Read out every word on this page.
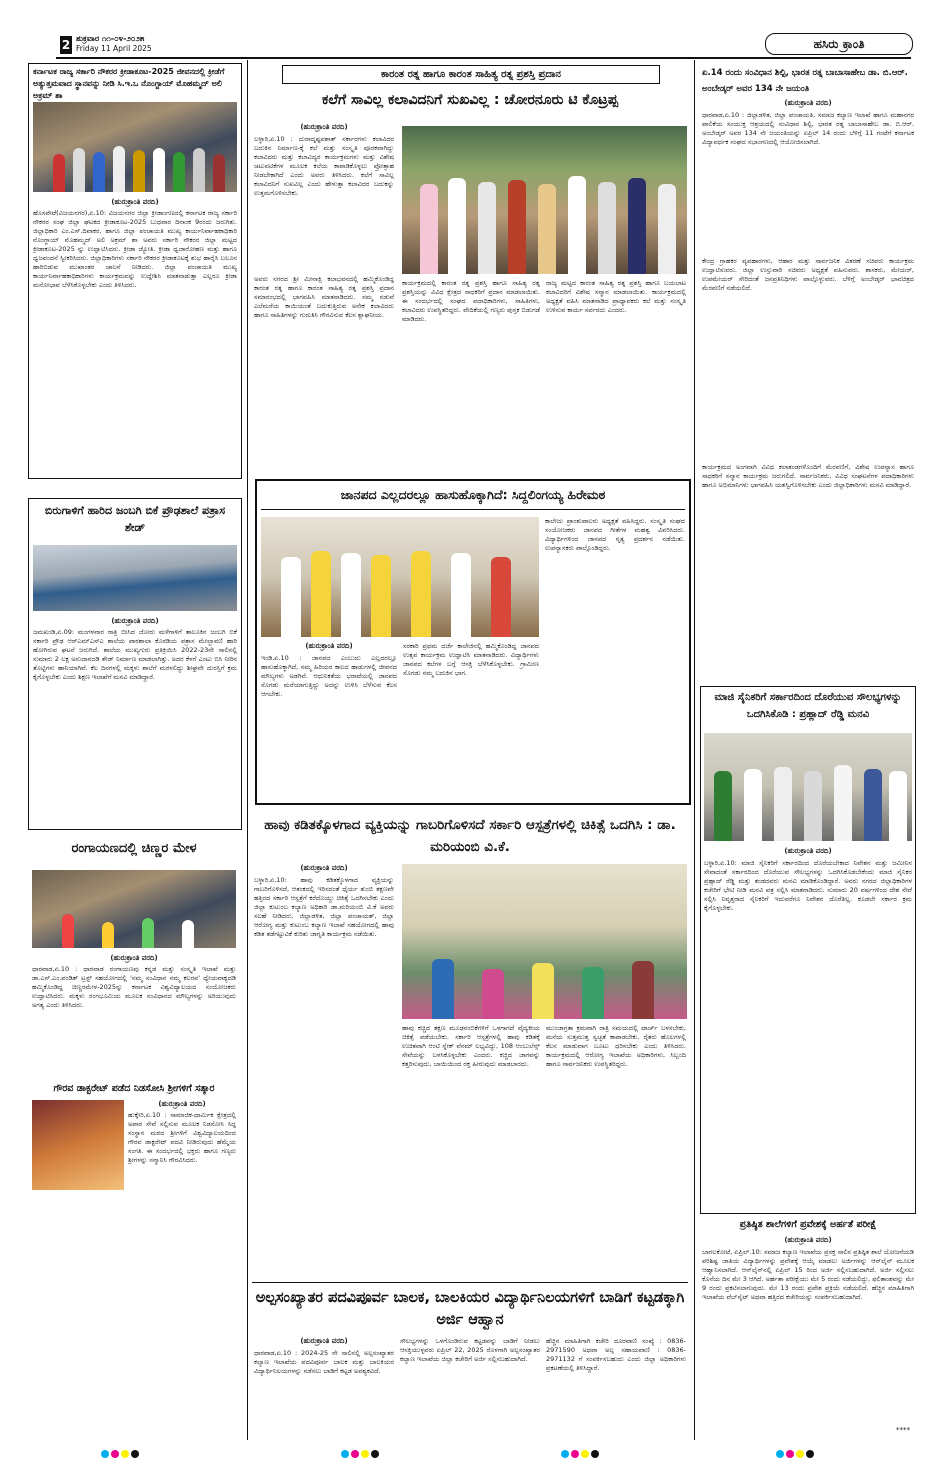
2 ಶುಕ್ರವಾರ ೧೧-೦೪-೨೦೨೫
Friday 11 April 2025	ಹಸಿರು ಕ್ರಾಂತಿ
ಕರ್ನಾಟಕ ರಾಜ್ಯ ಸರ್ಕಾರಿ ನೌಕರರ ಕ್ರೀಡಾಕೂಟ-2025 ಜೀವನದಲ್ಲಿ ಕ್ರೀಡೆಗೆ ಅತ್ಯುತ್ತಮವಾದ ಸ್ಥಾನವನ್ನು ನೀಡಿ ಸಿ.ಇ.ಒ ನೊಂಗ್ಜಾಯ್ ಮೊಹಮ್ಮದ್ ಅಲಿ ಅಕ್ರಮ್ ಶಾ
(ಹುರುಕ್ರಾಂತಿ ವರದಿ)
ಹೊಸಪೇಟೆ(ವಿಜಯನಗರ),ಏ.10: ವಿಜಯನಗರ ಜಿಲ್ಲಾ ಕ್ರೀಡಾಂಗಣದಲ್ಲಿ ಕರ್ನಾಟಕ ರಾಜ್ಯ ಸರ್ಕಾರಿ ನೌಕರರ ಸಂಘ ಜಿಲ್ಲಾ ಘಟಕದ ಕ್ರೀಡಾಕೂಟ-2025 ಬುಧವಾರ ದಿನಾಂಕ 9ರಂದು ಜರುಗಿತು. ಜಿಲ್ಲಾಧಿಕಾರಿ ಎಂ.ಎಸ್.ದಿವಾಕರ, ಹಾಗೂ ಜಿಲ್ಲಾ ಪಂಚಾಯತಿ ಮುಖ್ಯ ಕಾರ್ಯನಿರ್ವಾಹಕಾಧಿಕಾರಿ ನೊಂಗ್ಜಾಯ್ ಮೊಹಮ್ಮದ್ ಅಲಿ ಅಕ್ರಮ್ ಶಾ ಅವರು ಸರ್ಕಾರಿ ನೌಕರರ ಜಿಲ್ಲಾ ಮಟ್ಟದ ಕ್ರೀಡಾಕೂಟ-2025 ನ್ನು ಉದ್ಘಾಟಿಸಿದರು. ಕ್ರೀಡಾ ಜ್ಯೋತಿ. ಕ್ರೀಡಾ ಧ್ವಜಾರೋಹಣ ಮತ್ತು ಹಾಗೂ ಧ್ವಜವಂದನೆ ಸ್ವೀಕರಿಸಿದರು. ಜಿಲ್ಲಾಧಿಕಾರಿಗಳು ಸರ್ಕಾರಿ ನೌಕರರ ಕ್ರೀಡಾಕೂಟಕ್ಕೆ ಶುಭ ಹಾರೈಸಿ ಬಲೂನ ಹಾರಿಬಿಡುವ ಮುಖಾಂತರ ಚಾಲನೆ ನೀಡಿದರು. ಜಿಲ್ಲಾ ಪಂಚಾಯತಿ ಮುಖ್ಯ ಕಾರ್ಯನಿರ್ವಾಹಕಾಧಿಕಾರಿಗಳು ಕಾರ್ಯಕ್ರಮವನ್ನು ಉದ್ದೇಶಿಸಿ ಮಾತನಾಡುತ್ತಾ ಎಲ್ಲರೂ ಕ್ರೀಡಾ ಮನೋಭಾವ ಬೆಳೆಸಿಕೊಳ್ಳಬೇಕು ಎಂದು ತಿಳಿಸಿದರು.
ಬಿರುಗಾಳಿಗೆ ಹಾರಿದ ಜಂಬಗಿ ಬಿಕೆ ಪ್ರೌಢಶಾಲೆ ಪತ್ರಾಸ ಶೇಡ್
(ಹುರುಕ್ರಾಂತಿ ವರದಿ)
ಜಮಖಂಡಿ,ಏ.09: ಮಂಗಳವಾರ ರಾತ್ರಿ ಬೀಸಿದ ಜೋರು ಮಳೆಗಾಳಿಗೆ ತಾಲೂಕಿನ ಜಂಬಗಿ ಬಿಕೆ ಸರ್ಕಾರಿ ಪ್ರೌಢ ಆರ್‌ಎಮ್‌ಎಸ್‌ಎ ಶಾಲೆಯ ಪಾಠಶಾಲಾ ಕೊಠಡಿಯ ಪತ್ರಾಸ ಮೇಲ್ಛಾವಣಿ ಹಾರಿ ಹೋಗಿರುವ ಘಟನೆ ಜರುಗಿದೆ. ಶಾಲೆಯ ಮುಖ್ಯಗುರು ಪ್ರತಿಕ್ರಿಯಿಸಿ 2022-23ನೇ ಸಾಲಿನಲ್ಲಿ ಸುಮಾರು 2 ಲಕ್ಷ ಅನುದಾನದಡಿ ಶೇಡ್ ನಿರ್ಮಾಣ ಮಾಡಲಾಗಿತ್ತು. ಅದರ ಕೆಳಗೆ ಎಂಟು ಬಿಸಿ ನೀರಿನ ತೊಟ್ಟಿಗಳು ಹಾನಿಯಾಗಿವೆ. ಕೆಲ ದಿನಗಳಲ್ಲಿ ಮಕ್ಕಳು ಶಾಲೆಗೆ ಮರಳಲಿದ್ದು ಶೀಘ್ರವೇ ದುರಸ್ತಿಗೆ ಕ್ರಮ ಕೈಗೊಳ್ಳಬೇಕು ಎಂದು ಶಿಕ್ಷಣ ಇಲಾಖೆಗೆ ಮನವಿ ಮಾಡಿದ್ದಾರೆ.
ರಂಗಾಯಣದಲ್ಲಿ ಚಿಣ್ಣರ ಮೇಳ
(ಹುರುಕ್ರಾಂತಿ ವರದಿ)
ಧಾರವಾಡ,ಏ.10 : ಧಾರವಾಡ ರಂಗಾಯಣವು ಕನ್ನಡ ಮತ್ತು ಸಂಸ್ಕೃತಿ ಇಲಾಖೆ ಮತ್ತು ಡಾ.ಎಸ್.ಎಂ.ಪಂಡಿತ್ ಟ್ರಸ್ಟ್ ಸಹಯೋಗದಲ್ಲಿ 'ನಮ್ಮ ಸಂವಿಧಾನ ನಮ್ಮ ಕಲರವ' ಧ್ಯೇಯವಾಕ್ಯದಡಿ ಹಮ್ಮಿಕೊಂಡಿದ್ದ ಚಿಣ್ಣರಮೇಳ-2025ನ್ನು ಕರ್ನಾಟಕ ವಿಶ್ವವಿದ್ಯಾಲಯದ ಸಂಯೋಜಕರು ಉದ್ಘಾಟಿಸಿದರು. ಮಕ್ಕಳು ರಂಗಭೂಮಿಯ ಮೂಲಕ ಸಂವಿಧಾನದ ಮೌಲ್ಯಗಳನ್ನು ಅರಿಯುವುದು ಅಗತ್ಯ ಎಂದು ತಿಳಿಸಿದರು.
ಗೌರವ ಡಾಕ್ಟರೇಟ್ ಪಡೆದ ನಿಡಸೋಸಿ ಶ್ರೀಗಳಿಗೆ ಸತ್ಕಾರ
(ಹುರುಕ್ರಾಂತಿ ವರದಿ)
ಹುಕ್ಕೇರಿ,ಏ.10 : ಸಾಮಾಜಿಕ-ಧಾರ್ಮಿಕ ಕ್ಷೇತ್ರದಲ್ಲಿ ಅಪಾರ ಸೇವೆ ಸಲ್ಲಿಸುವ ಮೂಲಕ ನಿಡಸೋಸಿ ಸಿದ್ಧ ಸಂಸ್ಥಾನ ಮಠದ ಶ್ರೀಗಳಿಗೆ ವಿಶ್ವವಿದ್ಯಾಲಯದಿಂದ ಗೌರವ ಡಾಕ್ಟರೇಟ್ ಪದವಿ ನೀಡಿರುವುದು ಹೆಮ್ಮೆಯ ಸಂಗತಿ. ಈ ಸಂದರ್ಭದಲ್ಲಿ ಭಕ್ತರು ಹಾಗೂ ಗಣ್ಯರು ಶ್ರೀಗಳನ್ನು ಸನ್ಮಾನಿಸಿ ಗೌರವಿಸಿದರು.
ಕಾರಂತ ರತ್ನ ಹಾಗೂ ಕಾರಂತ ಸಾಹಿತ್ಯ ರತ್ನ ಪ್ರಶಸ್ತಿ ಪ್ರದಾನ
ಕಲೆಗೆ ಸಾವಿಲ್ಲ ಕಲಾವಿದನಿಗೆ ಸುಖವಿಲ್ಲ : ಚೋರನೂರು ಟಿ ಕೊಟ್ರಪ್ಪ
(ಹುರುಕ್ರಾಂತಿ ವರದಿ)
ಬಳ್ಳಾರಿ,ಏ.10 : ದುರಾದೃಷ್ಟವಶಾತ್ ಸರ್ಕಾರಗಳು ಕಲಾವಿದರ ಬದುಕಿನ ನಿರ್ಮಾಣ-ಕ್ಕೆ ಕಲೆ ಮತ್ತು ಸಂಸ್ಕೃತಿ ಪೂರಕವಾಗಿದ್ದು ಕಲಾವಿದರು ಮತ್ತು ಕಲಾವಿದ್ಯರ ಕಾರ್ಯಕ್ರಮಗಳು ಮತ್ತು ವಿಶೇಷ ಚಟುವಟಿಕೆಗಳ ಮೂಲಕ ಕಲೆಯ ಕಾಪಾಡಿಕೊಳ್ಳಲು ಪ್ರೋತ್ಸಾಹ ನೀಡಬೇಕಾಗಿದೆ ಎಂದು ಅವರು ತಿಳಿಸಿದರು. ಕಲೆಗೆ ಸಾವಿಲ್ಲ ಕಲಾವಿದನಿಗೆ ಸುಖವಿಲ್ಲ ಎಂದು ಹೇಳುತ್ತಾ ಕಲಾವಿದರ ಬದುಕನ್ನು ಉತ್ತಮಗೊಳಿಸಬೇಕು.
ಅವರು ನಗರದ ಶ್ರೀ ಮೀನಾಕ್ಷಿ ಕಲಾಭವನದಲ್ಲಿ ಹಮ್ಮಿಕೊಂಡಿದ್ದ ಕಾರಂತ ರತ್ನ ಹಾಗೂ ಕಾರಂತ ಸಾಹಿತ್ಯ ರತ್ನ ಪ್ರಶಸ್ತಿ ಪ್ರದಾನ ಸಮಾರಂಭದಲ್ಲಿ ಭಾಗವಹಿಸಿ ಮಾತನಾಡಿದರು. ನಮ್ಮ ನಡುವೆ ಎಲೆಮರೆಯ ಕಾಯಿಯಂತೆ ಬದುಕುತ್ತಿರುವ ಅನೇಕ ಕಲಾವಿದರು ಹಾಗೂ ಸಾಹಿತಿಗಳನ್ನು ಗುರುತಿಸಿ ಗೌರವಿಸುವ ಕೆಲಸ ಶ್ಲಾಘನೀಯ.
ಕಾರ್ಯಕ್ರಮದಲ್ಲಿ ಕಾರಂತ ರತ್ನ ಪ್ರಶಸ್ತಿ ಹಾಗೂ ಸಾಹಿತ್ಯ ರತ್ನ ಪ್ರಶಸ್ತಿಯನ್ನು ವಿವಿಧ ಕ್ಷೇತ್ರದ ಸಾಧಕರಿಗೆ ಪ್ರದಾನ ಮಾಡಲಾಯಿತು. ಈ ಸಂದರ್ಭದಲ್ಲಿ ಸಂಘದ ಪದಾಧಿಕಾರಿಗಳು, ಸಾಹಿತಿಗಳು, ಕಲಾವಿದರು ಉಪಸ್ಥಿತರಿದ್ದರು. ವೇದಿಕೆಯಲ್ಲಿ ಗಣ್ಯರು ಪುಸ್ತಕ ಬಿಡುಗಡೆ ಮಾಡಿದರು.
ರಾಜ್ಯ ಮಟ್ಟದ ಕಾರಂತ ಸಾಹಿತ್ಯ ರತ್ನ ಪ್ರಶಸ್ತಿ ಹಾಗೂ ಬಯಲಾಟ ಕಲಾವಿದರಿಗೆ ವಿಶೇಷ ಸನ್ಮಾನ ಮಾಡಲಾಯಿತು. ಕಾರ್ಯಕ್ರಮದಲ್ಲಿ ಅಧ್ಯಕ್ಷತೆ ವಹಿಸಿ ಮಾತನಾಡಿದ ಪ್ರಾಧ್ಯಾಪಕರು ಕಲೆ ಮತ್ತು ಸಂಸ್ಕೃತಿ ಉಳಿಸುವ ಕಾರ್ಯ ಸರ್ವರದು ಎಂದರು.
ಜಾನಪದ ಎಲ್ಲದರಲ್ಲೂ ಹಾಸುಹೊಕ್ಕಾಗಿದೆ: ಸಿದ್ದಲಿಂಗಯ್ಯ ಹಿರೇಮಠ
ಕಾಲೇಜು ಪ್ರಾಂಶುಪಾಲರು ಅಧ್ಯಕ್ಷತೆ ವಹಿಸಿದ್ದರು. ಸಂಸ್ಕೃತಿ ಸಂಘದ ಸಂಯೋಜಕರು ಜಾನಪದ ಗೀತೆಗಳ ಮಹತ್ವ ವಿವರಿಸಿದರು. ವಿದ್ಯಾರ್ಥಿಗಳಿಂದ ಜಾನಪದ ನೃತ್ಯ ಪ್ರದರ್ಶನ ನಡೆಯಿತು. ಉಪನ್ಯಾಸಕರು ಪಾಲ್ಗೊಂಡಿದ್ದರು.
(ಹುರುಕ್ರಾಂತಿ ವರದಿ)
ಇಂಡಿ,ಏ.10 : ಜಾನಪದ ಎಂಬುದು ಎಲ್ಲದರಲ್ಲೂ ಹಾಸುಹೊಕ್ಕಾಗಿದೆ, ನಮ್ಮ ಹಿರಿಯರ ಕಾಲದ ಹಾಡುಗಳಲ್ಲಿ ಜೀವನದ ಮೌಲ್ಯಗಳು ಅಡಗಿವೆ. ಆಧುನಿಕತೆಯ ಭರಾಟೆಯಲ್ಲಿ ಜಾನಪದ ಸೊಗಡು ಮರೆಯಾಗುತ್ತಿದ್ದು ಅದನ್ನು ಉಳಿಸಿ ಬೆಳೆಸುವ ಕೆಲಸ ಆಗಬೇಕು.
ಸರಕಾರಿ ಪ್ರಥಮ ದರ್ಜೆ ಕಾಲೇಜಿನಲ್ಲಿ ಹಮ್ಮಿಕೊಂಡಿದ್ದ ಜಾನಪದ ಉತ್ಸವ ಕಾರ್ಯಕ್ರಮ ಉದ್ಘಾಟಿಸಿ ಮಾತನಾಡಿದರು. ವಿದ್ಯಾರ್ಥಿಗಳು ಜಾನಪದ ಕಲೆಗಳ ಬಗ್ಗೆ ಆಸಕ್ತಿ ಬೆಳೆಸಿಕೊಳ್ಳಬೇಕು. ಗ್ರಾಮೀಣ ಸೊಗಡು ನಮ್ಮ ಬದುಕಿನ ಭಾಗ.
ಹಾವು ಕಡಿತಕ್ಕೊಳಗಾದ ವ್ಯಕ್ತಿಯನ್ನು ಗಾಬರಿಗೊಳಿಸದೆ ಸರ್ಕಾರಿ ಆಸ್ಪತ್ರೆಗಳಲ್ಲಿ ಚಿಕಿತ್ಸೆ ಒದಗಿಸಿ : ಡಾ. ಮರಿಯಂಬಿ ವಿ.ಕೆ.
(ಹುರುಕ್ರಾಂತಿ ವರದಿ)
ಬಳ್ಳಾರಿ,ಏ.10: ಹಾವು ಕಡಿತಕ್ಕೊಳಗಾದ ವ್ಯಕ್ತಿಯನ್ನು ಗಾಬರಿಗೊಳಿಸದೆ, ಆತಂಕದಲ್ಲಿ ಇರಿಸದಂತೆ ಧೈರ್ಯ ತುಂಬಿ ತಕ್ಷಣವೇ ಹತ್ತಿರದ ಸರ್ಕಾರಿ ಆಸ್ಪತ್ರೆಗೆ ಕರೆದೊಯ್ದು ಚಿಕಿತ್ಸೆ ಒದಗಿಸಬೇಕು ಎಂದು ಜಿಲ್ಲಾ ಕುಟುಂಬ ಕಲ್ಯಾಣ ಅಧಿಕಾರಿ ಡಾ.ಮರಿಯಂಬಿ ವಿ.ಕೆ ಅವರು ಸಲಹೆ ನೀಡಿದರು. ಜಿಲ್ಲಾಡಳಿತ, ಜಿಲ್ಲಾ ಪಂಚಾಯತ್, ಜಿಲ್ಲಾ ಆರೋಗ್ಯ ಮತ್ತು ಕುಟುಂಬ ಕಲ್ಯಾಣ ಇಲಾಖೆ ಸಹಯೋಗದಲ್ಲಿ ಹಾವು ಕಡಿತ ತಡೆಗಟ್ಟುವಿಕೆ ಕುರಿತು ಜಾಗೃತಿ ಕಾರ್ಯಕ್ರಮ ನಡೆಯಿತು.
ಹಾವು ಕಚ್ಚಿದ ತಕ್ಷಣ ಮೂಢನಂಬಿಕೆಗಳಿಗೆ ಒಳಗಾಗದೆ ವೈದ್ಯಕೀಯ ಚಿಕಿತ್ಸೆ ಪಡೆಯಬೇಕು. ಸರ್ಕಾರಿ ಆಸ್ಪತ್ರೆಗಳಲ್ಲಿ ಹಾವು ಕಡಿತಕ್ಕೆ ಉಚಿತವಾಗಿ ಆಂಟಿ ಸ್ನೇಕ್ ವೆನಮ್ ಲಭ್ಯವಿದ್ದು, 108 ಆಂಬುಲೆನ್ಸ್ ಸೇವೆಯನ್ನು ಬಳಸಿಕೊಳ್ಳಬೇಕು ಎಂದರು. ಕಚ್ಚಿದ ಜಾಗವನ್ನು ಕತ್ತರಿಸುವುದು, ಬಾಯಿಯಿಂದ ರಕ್ತ ಹೀರುವುದು ಮಾಡಬಾರದು.
ಮುಂಜಾಗ್ರತಾ ಕ್ರಮವಾಗಿ ರಾತ್ರಿ ಸಮಯದಲ್ಲಿ ಟಾರ್ಚ್ ಬಳಸಬೇಕು, ಮನೆಯ ಸುತ್ತಮುತ್ತ ಸ್ವಚ್ಛತೆ ಕಾಪಾಡಬೇಕು. ರೈತರು ಹೊಲಗಳಲ್ಲಿ ಕೆಲಸ ಮಾಡುವಾಗ ಬೂಟು ಧರಿಸಬೇಕು ಎಂದು ತಿಳಿಸಿದರು. ಕಾರ್ಯಕ್ರಮದಲ್ಲಿ ಆರೋಗ್ಯ ಇಲಾಖೆಯ ಅಧಿಕಾರಿಗಳು, ಸಿಬ್ಬಂದಿ ಹಾಗೂ ಸಾರ್ವಜನಿಕರು ಉಪಸ್ಥಿತರಿದ್ದರು.
ಅಲ್ಪಸಂಖ್ಯಾತರ ಪದವಿಪೂರ್ವ ಬಾಲಕ, ಬಾಲಕಿಯರ ವಿದ್ಯಾರ್ಥಿನಿಲಯಗಳಿಗೆ ಬಾಡಿಗೆ ಕಟ್ಟಡಕ್ಕಾಗಿ ಅರ್ಜಿ ಆಹ್ವಾನ
(ಹುರುಕ್ರಾಂತಿ ವರದಿ)
ಧಾರವಾಡ,ಏ.10 : 2024-25 ನೇ ಸಾಲಿನಲ್ಲಿ ಅಲ್ಪಸಂಖ್ಯಾತರ ಕಲ್ಯಾಣ ಇಲಾಖೆಯ ಪದವಿಪೂರ್ವ ಬಾಲಕ ಮತ್ತು ಬಾಲಕಿಯರ ವಿದ್ಯಾರ್ಥಿನಿಲಯಗಳನ್ನು ನಡೆಸಲು ಬಾಡಿಗೆ ಕಟ್ಟಡ ಅವಶ್ಯಕವಿದೆ.
ಸೌಲಭ್ಯಗಳನ್ನು ಒಳಗೊಂಡಿರುವ ಕಟ್ಟಡವನ್ನು ಬಾಡಿಗೆ ನೀಡಲು ಆಸಕ್ತಿಯುಳ್ಳವರು ಏಪ್ರಿಲ್ 22, 2025 ರೊಳಗಾಗಿ ಅಲ್ಪಸಂಖ್ಯಾತರ ಕಲ್ಯಾಣ ಇಲಾಖೆಯ ಜಿಲ್ಲಾ ಕಚೇರಿಗೆ ಅರ್ಜಿ ಸಲ್ಲಿಸಬಹುದಾಗಿದೆ.
ಹೆಚ್ಚಿನ ಮಾಹಿತಿಗಾಗಿ ಕಚೇರಿ ದೂರವಾಣಿ ಸಂಖ್ಯೆ : 0836-2971590 ಅಥವಾ ಅಲ್ಪ ಸಹಾಯವಾಣಿ : 0836-2971132 ಗೆ ಸಂಪರ್ಕಿಸಬಹುದು ಎಂದು ಜಿಲ್ಲಾ ಅಧಿಕಾರಿಗಳು ಪ್ರಕಟಣೆಯಲ್ಲಿ ತಿಳಿಸಿದ್ದಾರೆ.
ಏ.14 ರಂದು ಸಂವಿಧಾನ ಶಿಲ್ಪಿ, ಭಾರತ ರತ್ನ ಬಾಬಾಸಾಹೇಬ ಡಾ. ಬಿ.ಆರ್. ಅಂಬೇಡ್ಕರ್ ಅವರ 134 ನೇ ಜಯಂತಿ
(ಹುರುಕ್ರಾಂತಿ ವರದಿ)
ಧಾರವಾಡ,ಏ.10 : ಜಿಲ್ಲಾಡಳಿತ, ಜಿಲ್ಲಾ ಪಂಚಾಯತಿ, ಸಮಾಜ ಕಲ್ಯಾಣ ಇಲಾಖೆ ಹಾಗೂ ಮಹಾನಗರ ಪಾಲಿಕೆಯ ಸಂಯುಕ್ತ ಆಶ್ರಯದಲ್ಲಿ ಸಂವಿಧಾನ ಶಿಲ್ಪಿ, ಭಾರತ ರತ್ನ ಬಾಬಾಸಾಹೇಬ ಡಾ. ಬಿ.ಆರ್. ಅಂಬೇಡ್ಕರ್ ಅವರ 134 ನೇ ಜಯಂತಿಯನ್ನು ಏಪ್ರಿಲ್ 14 ರಂದು ಬೆಳಿಗ್ಗೆ 11 ಗಂಟೆಗೆ ಕರ್ನಾಟಕ ವಿದ್ಯಾವರ್ಧಕ ಸಂಘದ ಸಭಾಂಗಣದಲ್ಲಿ ಆಯೋಜಿಸಲಾಗಿದೆ.
ಕೇಂದ್ರ ಗ್ರಾಹಕರ ವ್ಯವಹಾರಗಳು, ಆಹಾರ ಮತ್ತು ಸಾರ್ವಜನಿಕ ವಿತರಣೆ ಸಚಿವರು ಕಾರ್ಯಕ್ರಮ ಉದ್ಘಾಟಿಸುವರು. ಜಿಲ್ಲಾ ಉಸ್ತುವಾರಿ ಸಚಿವರು ಅಧ್ಯಕ್ಷತೆ ವಹಿಸುವರು. ಶಾಸಕರು, ಮೇಯರ್, ಉಪಮೇಯರ್ ಸೇರಿದಂತೆ ಜನಪ್ರತಿನಿಧಿಗಳು ಪಾಲ್ಗೊಳ್ಳುವರು. ಬೆಳಿಗ್ಗೆ ಅಂಬೇಡ್ಕರ್ ಭಾವಚಿತ್ರದ ಮೆರವಣಿಗೆ ನಡೆಯಲಿದೆ.
ಕಾರ್ಯಕ್ರಮದ ಅಂಗವಾಗಿ ವಿವಿಧ ಕಲಾತಂಡಗಳೊಂದಿಗೆ ಮೆರವಣಿಗೆ, ವಿಶೇಷ ಉಪನ್ಯಾಸ ಹಾಗೂ ಸಾಧಕರಿಗೆ ಸನ್ಮಾನ ಕಾರ್ಯಕ್ರಮ ಜರುಗಲಿದೆ. ಸಾರ್ವಜನಿಕರು, ವಿವಿಧ ಸಂಘಟನೆಗಳ ಪದಾಧಿಕಾರಿಗಳು ಹಾಗೂ ಅಭಿಮಾನಿಗಳು ಭಾಗವಹಿಸಿ ಯಶಸ್ವಿಗೊಳಿಸಬೇಕು ಎಂದು ಜಿಲ್ಲಾಧಿಕಾರಿಗಳು ಮನವಿ ಮಾಡಿದ್ದಾರೆ.
ಮಾಜಿ ಸೈನಿಕರಿಗೆ ಸರ್ಕಾರದಿಂದ ದೊರೆಯುವ ಸೌಲಭ್ಯಗಳನ್ನು ಒದಗಿಸಿಕೊಡಿ : ಪ್ರಹ್ಲಾದ್ ರೆಡ್ಡಿ ಮನವಿ
(ಹುರುಕ್ರಾಂತಿ ವರದಿ)
ಬಳ್ಳಾರಿ,ಏ.10: ಮಾಜಿ ಸೈನಿಕರಿಗೆ ಸರ್ಕಾರದಿಂದ ದೊರೆಯಬೇಕಾದ ನಿವೇಶನ ಮತ್ತು ಜಮೀನಿನ ಸೇವಾದಂತೆ ಸರ್ಕಾರದಿಂದ ದೊರೆಯುವ ಸೌಲಭ್ಯಗಳನ್ನು ಒದಗಿಸಿಕೊಡಬೇಕೆಂದು ಮಾಜಿ ಸೈನಿಕರ ಪ್ರಹ್ಲಾದ್ ರೆಡ್ಡಿ ಮತ್ತು ತಂಡದವರು ಮನವಿ ಮಾಡಿಕೊಂಡಿದ್ದಾರೆ. ಅವರು ನಗರದ ಜಿಲ್ಲಾಧಿಕಾರಿಗಳ ಕಚೇರಿಗೆ ಭೇಟಿ ನೀಡಿ ಮನವಿ ಪತ್ರ ಸಲ್ಲಿಸಿ ಮಾತನಾಡಿದರು. ಸುಮಾರು 20 ವರ್ಷಗಳಿಂದ ದೇಶ ಸೇವೆ ಸಲ್ಲಿಸಿ ನಿವೃತ್ತರಾದ ಸೈನಿಕರಿಗೆ ಇದುವರೆಗೂ ನಿವೇಶನ ದೊರೆತಿಲ್ಲ. ಕೂಡಲೇ ಸರ್ಕಾರ ಕ್ರಮ ಕೈಗೊಳ್ಳಬೇಕು.
ಪ್ರತಿಷ್ಠಿತ ಶಾಲೆಗಳಿಗೆ ಪ್ರವೇಶಕ್ಕೆ ಅರ್ಹತೆ ಪರೀಕ್ಷೆ
(ಹುರುಕ್ರಾಂತಿ ವರದಿ)
ಬಾಗಲಕೋಟೆ, ಏಪ್ರಿಲ್.10: ಸಮಾಜ ಕಲ್ಯಾಣ ಇಲಾಖೆಯ ಪ್ರಸಕ್ತ ಸಾಲಿನ ಪ್ರತಿಷ್ಠಿತ ಶಾಲೆ ಯೋಜನೆಯಡಿ ಪರಿಶಿಷ್ಟ ಜಾತಿಯ ವಿದ್ಯಾರ್ಥಿಗಳನ್ನು ಪ್ರವೇಶಕ್ಕೆ ಆಯ್ಕೆ ಮಾಡಲು ಅರ್ಜಿಗಳನ್ನು ಆನ್‌ಲೈನ್ ಮೂಲಕ ಆಹ್ವಾನಿಸಲಾಗಿದೆ. ಆನ್‌ಲೈನ್‌ನಲ್ಲಿ ಏಪ್ರಿಲ್ 15 ರಿಂದ ಅರ್ಜಿ ಸಲ್ಲಿಸಬಹುದಾಗಿದೆ. ಅರ್ಜಿ ಸಲ್ಲಿಸಲು ಕೊನೆಯ ದಿನ ಮೇ 3 ಆಗಿದೆ. ಅರ್ಹತಾ ಪರೀಕ್ಷೆಯು ಮೇ 5 ರಂದು ನಡೆಯಲಿದ್ದು, ಫಲಿತಾಂಶವನ್ನು ಮೇ 9 ರಂದು ಪ್ರಕಟಿಸಲಾಗುವುದು. ಮೇ 13 ರಂದು ಪ್ರವೇಶ ಪ್ರಕ್ರಿಯೆ ನಡೆಯಲಿದೆ. ಹೆಚ್ಚಿನ ಮಾಹಿತಿಗಾಗಿ ಇಲಾಖೆಯ ವೆಬ್‌ಸೈಟ್ ಅಥವಾ ಹತ್ತಿರದ ಕಚೇರಿಯನ್ನು ಸಂಪರ್ಕಿಸಬಹುದಾಗಿದೆ.
****
